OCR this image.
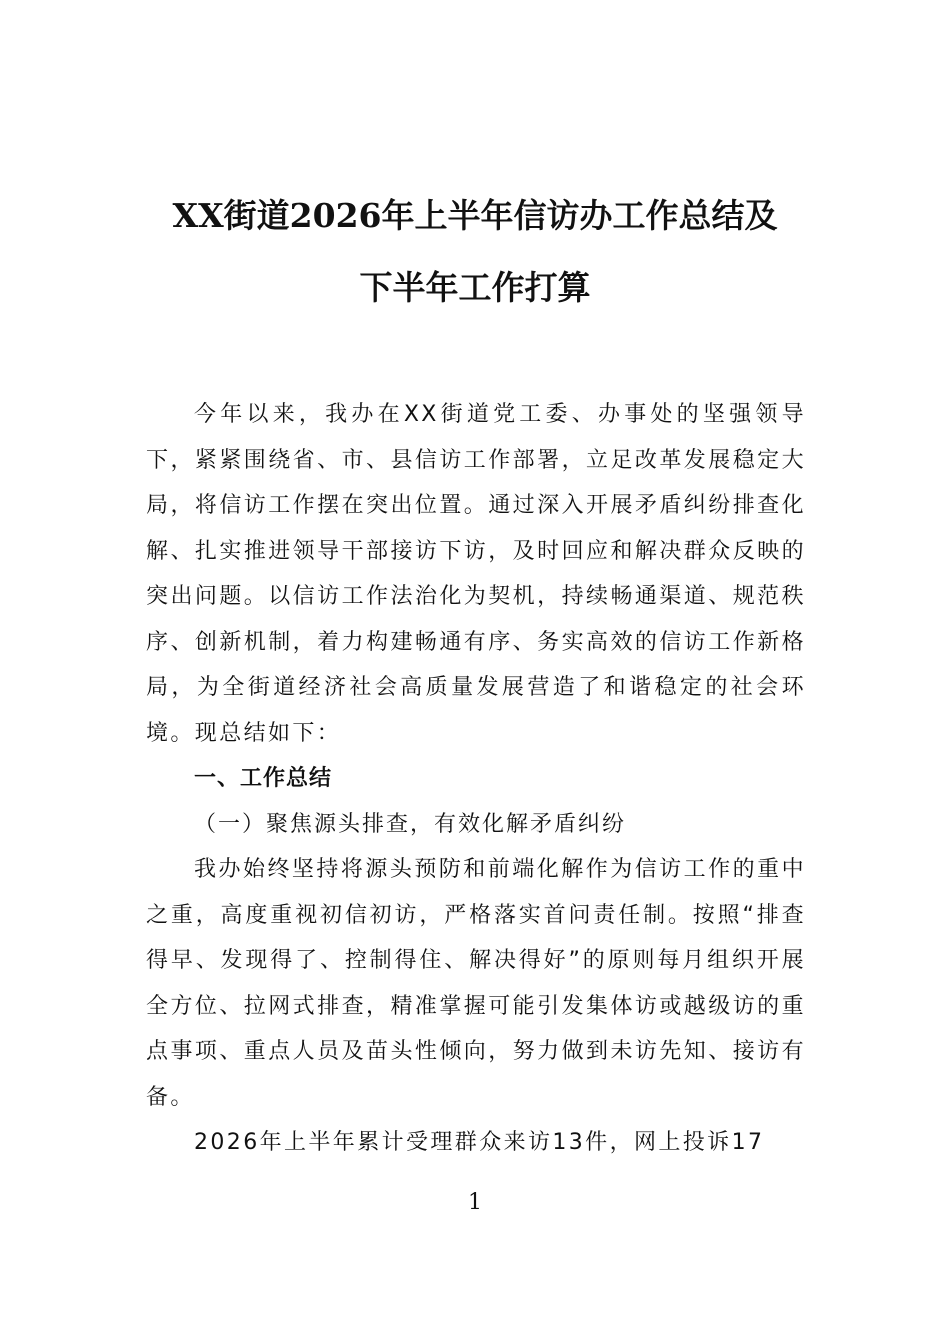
XX街道2026年上半年信访办工作总结及
下半年工作打算

今年以来，我办在XX街道党工委、办事处的坚强领导下，紧紧围绕省、市、县信访工作部署，立足改革发展稳定大局，将信访工作摆在突出位置。通过深入开展矛盾纠纷排查化解、扎实推进领导干部接访下访，及时回应和解决群众反映的突出问题。以信访工作法治化为契机，持续畅通渠道、规范秩序、创新机制，着力构建畅通有序、务实高效的信访工作新格局，为全街道经济社会高质量发展营造了和谐稳定的社会环境。现总结如下：

一、工作总结

（一）聚焦源头排查，有效化解矛盾纠纷

我办始终坚持将源头预防和前端化解作为信访工作的重中之重，高度重视初信初访，严格落实首问责任制。按照“排查得早、发现得了、控制得住、解决得好”的原则每月组织开展全方位、拉网式排查，精准掌握可能引发集体访或越级访的重点事项、重点人员及苗头性倾向，努力做到未访先知、接访有备。

2026年上半年累计受理群众来访13件，网上投诉17

1
